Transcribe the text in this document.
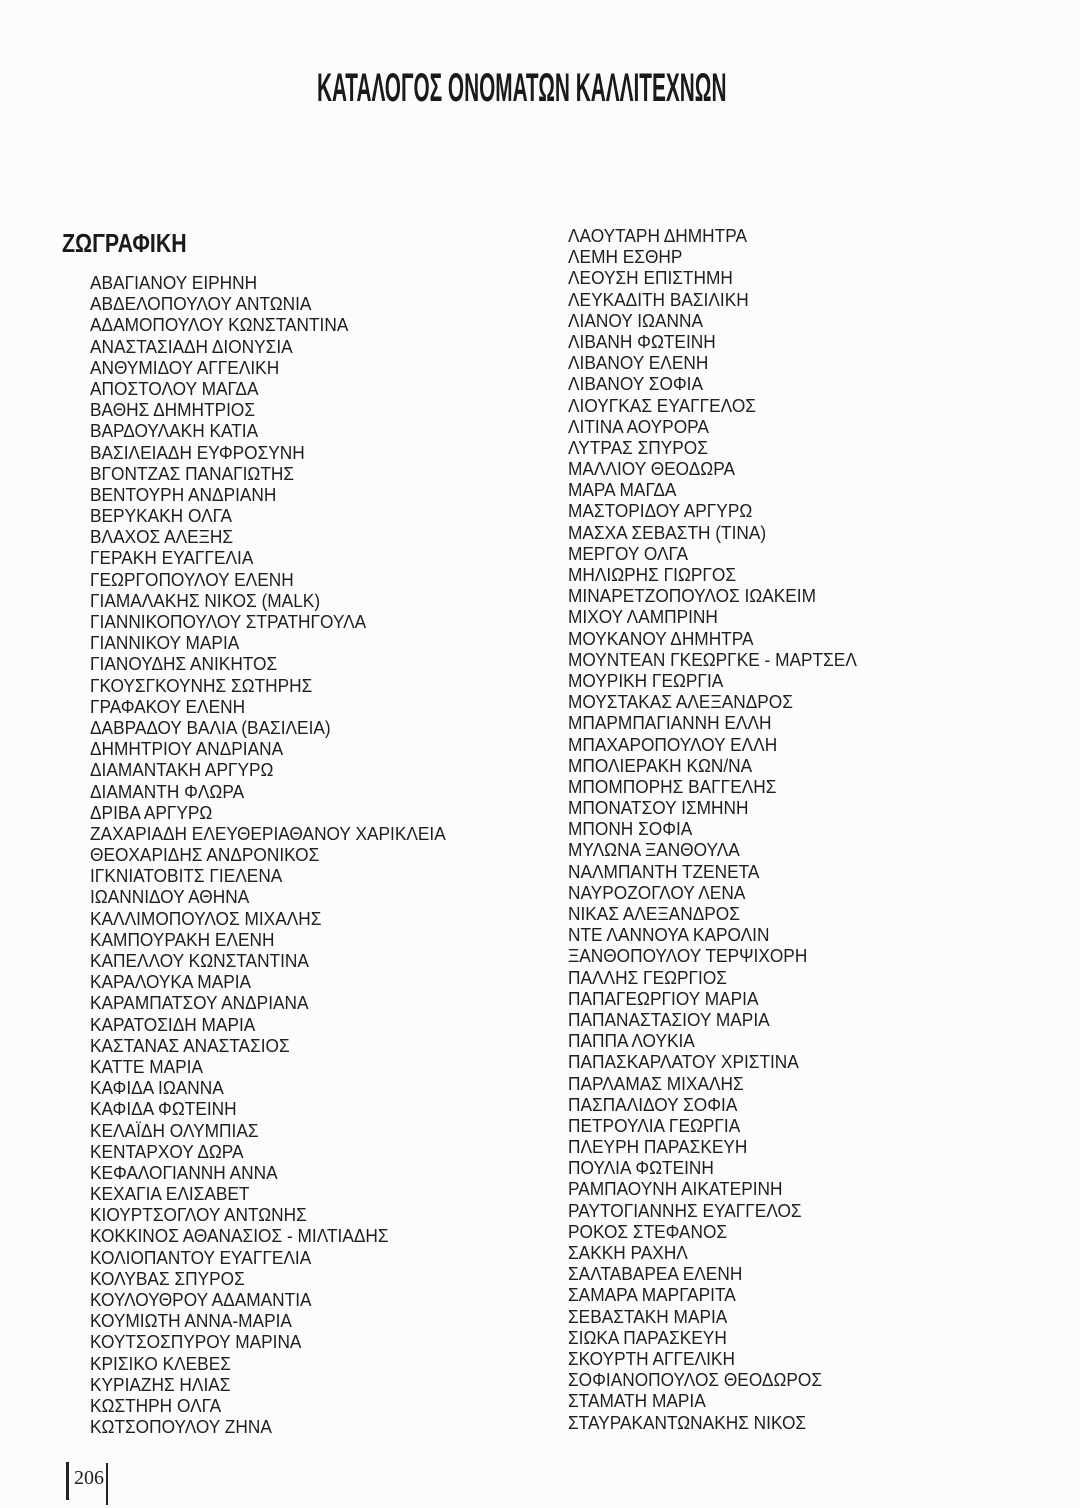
ΚΑΤΑΛΟΓΟΣ ΟΝΟΜΑΤΩΝ ΚΑΛΛΙΤΕΧΝΩΝ
ΖΩΓΡΑΦΙΚΗ
ΑΒΑΓΙΑΝΟΥ ΕΙΡΗΝΗ
ΑΒΔΕΛΟΠΟΥΛΟΥ ΑΝΤΩΝΙΑ
ΑΔΑΜΟΠΟΥΛΟΥ ΚΩΝΣΤΑΝΤΙΝΑ
ΑΝΑΣΤΑΣΙΑΔΗ ΔΙΟΝΥΣΙΑ
ΑΝΘΥΜΙΔΟΥ ΑΓΓΕΛΙΚΗ
ΑΠΟΣΤΟΛΟΥ ΜΑΓΔΑ
ΒΑΘΗΣ ΔΗΜΗΤΡΙΟΣ
ΒΑΡΔΟΥΛΑΚΗ ΚΑΤΙΑ
ΒΑΣΙΛΕΙΑΔΗ ΕΥΦΡΟΣΥΝΗ
ΒΓΟΝΤΖΑΣ ΠΑΝΑΓΙΩΤΗΣ
ΒΕΝΤΟΥΡΗ ΑΝΔΡΙΑΝΗ
ΒΕΡΥΚΑΚΗ ΟΛΓΑ
ΒΛΑΧΟΣ ΑΛΕΞΗΣ
ΓΕΡΑΚΗ ΕΥΑΓΓΕΛΙΑ
ΓΕΩΡΓΟΠΟΥΛΟΥ ΕΛΕΝΗ
ΓΙΑΜΑΛΑΚΗΣ ΝΙΚΟΣ (MALK)
ΓΙΑΝΝΙΚΟΠΟΥΛΟΥ ΣΤΡΑΤΗΓΟΥΛΑ
ΓΙΑΝΝΙΚΟΥ ΜΑΡΙΑ
ΓΙΑΝΟΥΔΗΣ ΑΝΙΚΗΤΟΣ
ΓΚΟΥΣΓΚΟΥΝΗΣ ΣΩΤΗΡΗΣ
ΓΡΑΦΑΚΟΥ ΕΛΕΝΗ
ΔΑΒΡΑΔΟΥ ΒΑΛΙΑ (ΒΑΣΙΛΕΙΑ)
ΔΗΜΗΤΡΙΟΥ ΑΝΔΡΙΑΝΑ
ΔΙΑΜΑΝΤΑΚΗ ΑΡΓΥΡΩ
ΔΙΑΜΑΝΤΗ ΦΛΩΡΑ
ΔΡΙΒΑ ΑΡΓΥΡΩ
ΖΑΧΑΡΙΑΔΗ ΕΛΕΥΘΕΡΙΑΘΑΝΟΥ ΧΑΡΙΚΛΕΙΑ
ΘΕΟΧΑΡΙΔΗΣ ΑΝΔΡΟΝΙΚΟΣ
ΙΓΚΝΙΑΤΟΒΙΤΣ ΓΙΕΛΕΝΑ
ΙΩΑΝΝΙΔΟΥ ΑΘΗΝΑ
ΚΑΛΛΙΜΟΠΟΥΛΟΣ ΜΙΧΑΛΗΣ
ΚΑΜΠΟΥΡΑΚΗ ΕΛΕΝΗ
ΚΑΠΕΛΛΟΥ ΚΩΝΣΤΑΝΤΙΝΑ
ΚΑΡΑΛΟΥΚΑ ΜΑΡΙΑ
ΚΑΡΑΜΠΑΤΣΟΥ ΑΝΔΡΙΑΝΑ
ΚΑΡΑΤΟΣΙΔΗ ΜΑΡΙΑ
ΚΑΣΤΑΝΑΣ ΑΝΑΣΤΑΣΙΟΣ
ΚΑΤΤΕ ΜΑΡΙΑ
ΚΑΦΙΔΑ ΙΩΑΝΝΑ
ΚΑΦΙΔΑ ΦΩΤΕΙΝΗ
ΚΕΛΑΪΔΗ ΟΛΥΜΠΙΑΣ
ΚΕΝΤΑΡΧΟΥ ΔΩΡΑ
ΚΕΦΑΛΟΓΙΑΝΝΗ ΑΝΝΑ
ΚΕΧΑΓΙΑ ΕΛΙΣΑΒΕΤ
ΚΙΟΥΡΤΣΟΓΛΟΥ ΑΝΤΩΝΗΣ
ΚΟΚΚΙΝΟΣ ΑΘΑΝΑΣΙΟΣ - ΜΙΛΤΙΑΔΗΣ
ΚΟΛΙΟΠΑΝΤΟΥ ΕΥΑΓΓΕΛΙΑ
ΚΟΛΥΒΑΣ ΣΠΥΡΟΣ
ΚΟΥΛΟΥΘΡΟΥ ΑΔΑΜΑΝΤΙΑ
ΚΟΥΜΙΩΤΗ ΑΝΝΑ-ΜΑΡΙΑ
ΚΟΥΤΣΟΣΠΥΡΟΥ ΜΑΡΙΝΑ
ΚΡΙΣΙΚΟ ΚΛΕΒΕΣ
ΚΥΡΙΑΖΗΣ ΗΛΙΑΣ
ΚΩΣΤΗΡΗ ΟΛΓΑ
ΚΩΤΣΟΠΟΥΛΟΥ ΖΗΝΑ
ΛΑΟΥΤΑΡΗ ΔΗΜΗΤΡΑ
ΛΕΜΗ ΕΣΘΗΡ
ΛΕΟΥΣΗ ΕΠΙΣΤΗΜΗ
ΛΕΥΚΑΔΙΤΗ ΒΑΣΙΛΙΚΗ
ΛΙΑΝΟΥ ΙΩΑΝΝΑ
ΛΙΒΑΝΗ ΦΩΤΕΙΝΗ
ΛΙΒΑΝΟΥ ΕΛΕΝΗ
ΛΙΒΑΝΟΥ ΣΟΦΙΑ
ΛΙΟΥΓΚΑΣ ΕΥΑΓΓΕΛΟΣ
ΛΙΤΙΝΑ ΑΟΥΡΟΡΑ
ΛΥΤΡΑΣ ΣΠΥΡΟΣ
ΜΑΛΛΙΟΥ ΘΕΟΔΩΡΑ
ΜΑΡΑ ΜΑΓΔΑ
ΜΑΣΤΟΡΙΔΟΥ ΑΡΓΥΡΩ
ΜΑΣΧΑ ΣΕΒΑΣΤΗ (ΤΙΝΑ)
ΜΕΡΓΟΥ ΟΛΓΑ
ΜΗΛΙΩΡΗΣ ΓΙΩΡΓΟΣ
ΜΙΝΑΡΕΤΖΟΠΟΥΛΟΣ ΙΩΑΚΕΙΜ
ΜΙΧΟΥ ΛΑΜΠΡΙΝΗ
ΜΟΥΚΑΝΟΥ ΔΗΜΗΤΡΑ
ΜΟΥΝΤΕΑΝ ΓΚΕΩΡΓΚΕ - ΜΑΡΤΣΕΛ
ΜΟΥΡΙΚΗ ΓΕΩΡΓΙΑ
ΜΟΥΣΤΑΚΑΣ ΑΛΕΞΑΝΔΡΟΣ
ΜΠΑΡΜΠΑΓΙΑΝΝΗ ΕΛΛΗ
ΜΠΑΧΑΡΟΠΟΥΛΟΥ ΕΛΛΗ
ΜΠΟΛΙΕΡΑΚΗ ΚΩΝ/ΝΑ
ΜΠΟΜΠΟΡΗΣ ΒΑΓΓΕΛΗΣ
ΜΠΟΝΑΤΣΟΥ ΙΣΜΗΝΗ
ΜΠΟΝΗ ΣΟΦΙΑ
ΜΥΛΩΝΑ ΞΑΝΘΟΥΛΑ
ΝΑΛΜΠΑΝΤΗ ΤΖΕΝΕΤΑ
ΝΑΥΡΟΖΟΓΛΟΥ ΛΕΝΑ
ΝΙΚΑΣ ΑΛΕΞΑΝΔΡΟΣ
ΝΤΕ ΛΑΝΝΟΥΑ ΚΑΡΟΛΙΝ
ΞΑΝΘΟΠΟΥΛΟΥ ΤΕΡΨΙΧΟΡΗ
ΠΑΛΛΗΣ ΓΕΩΡΓΙΟΣ
ΠΑΠΑΓΕΩΡΓΙΟΥ ΜΑΡΙΑ
ΠΑΠΑΝΑΣΤΑΣΙΟΥ ΜΑΡΙΑ
ΠΑΠΠΑ ΛΟΥΚΙΑ
ΠΑΠΑΣΚΑΡΛΑΤΟΥ ΧΡΙΣΤΙΝΑ
ΠΑΡΛΑΜΑΣ ΜΙΧΑΛΗΣ
ΠΑΣΠΑΛΙΔΟΥ ΣΟΦΙΑ
ΠΕΤΡΟΥΛΙΑ ΓΕΩΡΓΙΑ
ΠΛΕΥΡΗ ΠΑΡΑΣΚΕΥΗ
ΠΟΥΛΙΑ ΦΩΤΕΙΝΗ
ΡΑΜΠΑΟΥΝΗ ΑΙΚΑΤΕΡΙΝΗ
ΡΑΥΤΟΓΙΑΝΝΗΣ ΕΥΑΓΓΕΛΟΣ
ΡΟΚΟΣ ΣΤΕΦΑΝΟΣ
ΣΑΚΚΗ ΡΑΧΗΛ
ΣΑΛΤΑΒΑΡΕΑ ΕΛΕΝΗ
ΣΑΜΑΡΑ ΜΑΡΓΑΡΙΤΑ
ΣΕΒΑΣΤΑΚΗ ΜΑΡΙΑ
ΣΙΩΚΑ ΠΑΡΑΣΚΕΥΗ
ΣΚΟΥΡΤΗ ΑΓΓΕΛΙΚΗ
ΣΟΦΙΑΝΟΠΟΥΛΟΣ ΘΕΟΔΩΡΟΣ
ΣΤΑΜΑΤΗ ΜΑΡΙΑ
ΣΤΑΥΡΑΚΑΝΤΩΝΑΚΗΣ ΝΙΚΟΣ
206
